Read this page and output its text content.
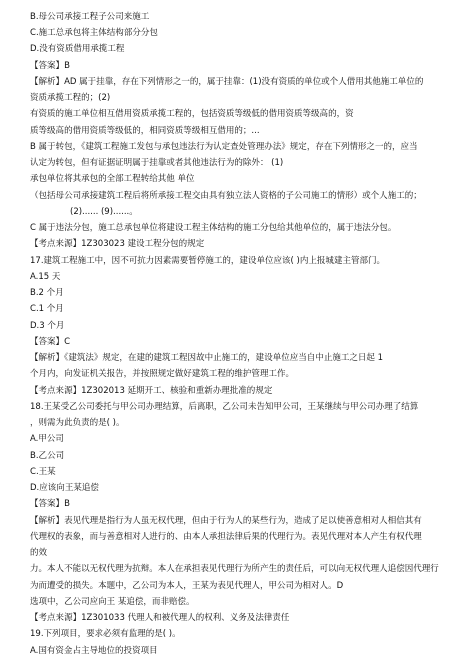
B.母公司承接工程子公司来施工
C.施工总承包将主体结构部分分包
D.没有资质借用承揽工程
【答案】B
【解析】AD 属于挂靠，存在下列情形之一的，属于挂靠：(1)没有资质的单位或个人借用其他施工单位的
资质承揽工程的；(2)
有资质的施工单位相互借用资质承揽工程的，包括资质等级低的借用资质等级高的，资
质等级高的借用资质等级低的，相同资质等级相互借用的；...
B 属于转包，《建筑工程施工发包与承包违法行为认定查处管理办法》规定，存在下列情形之一的，应当
认定为转包，但有证据证明属于挂靠或者其他违法行为的除外： (1)
承包单位将其承包的全部工程转给其他 单位
（包括母公司承接建筑工程后将所承接工程交由具有独立法人资格的子公司施工的情形）或个人施工的；
(2)...... (9)......。
C 属于违法分包，施工总承包单位将建设工程主体结构的施工分包给其他单位的，属于违法分包。
【考点来源】1Z303023 建设工程分包的规定
17.建筑工程施工中，因不可抗力因素需要暂停施工的，建设单位应该( )内上报城建主管部门。
A.15 天
B.2 个月
C.1 个月
D.3 个月
【答案】C
【解析】《建筑法》规定，在建的建筑工程因故中止施工的，建设单位应当自中止施工之日起 1
个月内，向发证机关报告，并按照规定做好建筑工程的维护管理工作。
【考点来源】1Z302013 延期开工、核验和重新办理批准的规定
18.王某受乙公司委托与甲公司办理结算，后离职，乙公司未告知甲公司，王某继续与甲公司办理了结算
，则需为此负责的是( )。
A.甲公司
B.乙公司
C.王某
D.应该向王某追偿
【答案】B
【解析】表见代理是指行为人虽无权代理，但由于行为人的某些行为，造成了足以使善意相对人相信其有
代理权的表象，而与善意相对人进行的、由本人承担法律后果的代理行为。表见代理对本人产生有权代理
的效
力。本人不能以无权代理为抗辩。本人在承担表见代理行为所产生的责任后，可以向无权代理人追偿因代理行
为而遭受的损失。本题中，乙公司为本人，王某为表见代理人，甲公司为相对人。D
选项中，乙公司应向王 某追偿，而非赔偿。
【考点来源】1Z301033 代理人和被代理人的权利、义务及法律责任
19.下列项目，要求必须有监理的是( )。
A.国有资金占主导地位的投资项目
